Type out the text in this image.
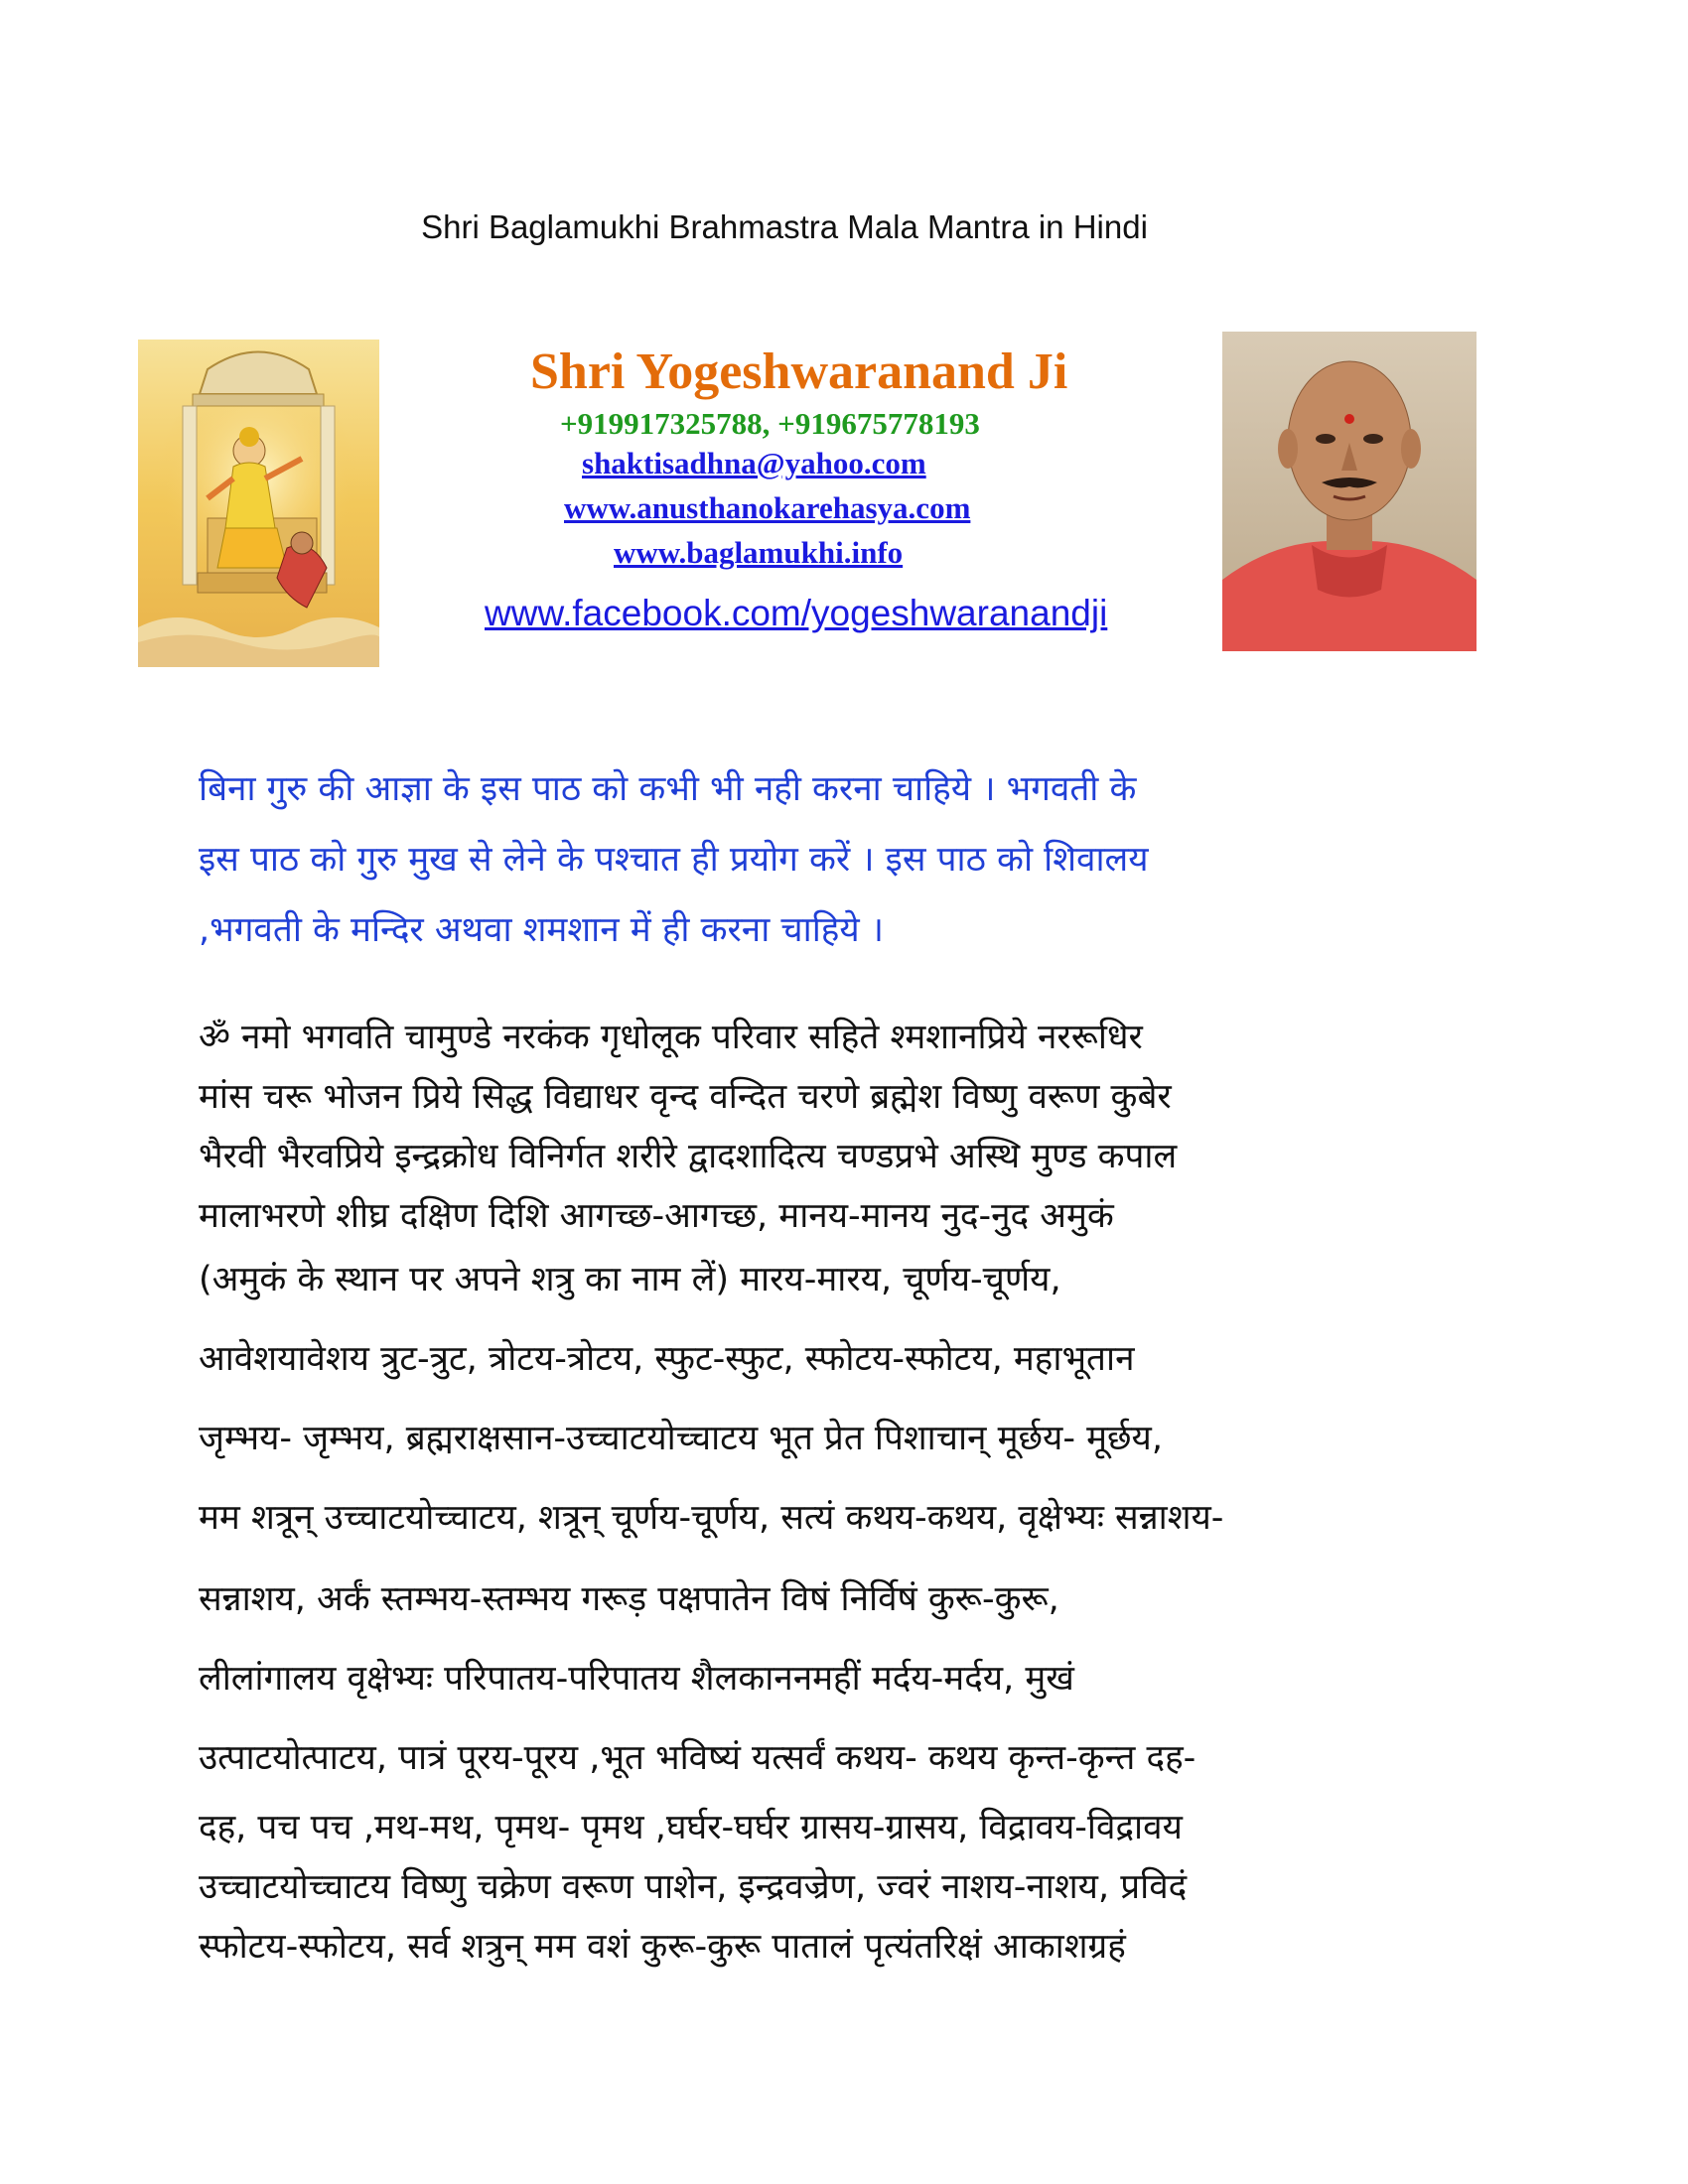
Shri Baglamukhi Brahmastra Mala Mantra in Hindi
Shri Yogeshwaranand Ji
+919917325788, +919675778193
shaktisadhna@yahoo.com
www.anusthanokarehasya.com
www.baglamukhi.info
www.facebook.com/yogeshwaranandji

बिना गुरु की आज्ञा के इस पाठ को कभी भी नही करना चाहिये । भगवती के

इस पाठ को गुरु मुख से लेने के पश्चात ही प्रयोग करें । इस पाठ को शिवालय

,भगवती के मन्दिर अथवा शमशान में ही करना चाहिये ।

ॐ नमो भगवति चामुण्डे नरकंक गृधोलूक परिवार सहिते श्मशानप्रिये नररूधिर

मांस चरू भोजन प्रिये सिद्ध विद्याधर वृन्द वन्दित चरणे ब्रह्मेश विष्णु वरूण कुबेर

भैरवी भैरवप्रिये इन्द्रक्रोध विनिर्गत शरीरे द्वादशादित्य चण्डप्रभे अस्थि मुण्ड कपाल

मालाभरणे शीघ्र दक्षिण दिशि आगच्छ-आगच्छ, मानय-मानय नुद-नुद अमुकं

(अमुकं के स्थान पर अपने शत्रु का नाम लें) मारय-मारय, चूर्णय-चूर्णय,

आवेशयावेशय त्रुट-त्रुट, त्रोटय-त्रोटय, स्फुट-स्फुट, स्फोटय-स्फोटय, महाभूतान

जृम्भय- जृम्भय, ब्रह्मराक्षसान-उच्चाटयोच्चाटय भूत प्रेत पिशाचान् मूर्छय- मूर्छय,

मम शत्रून् उच्चाटयोच्चाटय, शत्रून् चूर्णय-चूर्णय, सत्यं कथय-कथय, वृक्षेभ्यः सन्नाशय-

सन्नाशय, अर्कं स्तम्भय-स्तम्भय गरूड़ पक्षपातेन विषं निर्विषं कुरू-कुरू,

लीलांगालय वृक्षेभ्यः परिपातय-परिपातय शैलकाननमहीं मर्दय-मर्दय, मुखं

उत्पाटयोत्पाटय, पात्रं पूरय-पूरय ,भूत भविष्यं यत्सर्वं कथय- कथय कृन्त-कृन्त दह-

दह, पच पच ,मथ-मथ, पृमथ- पृमथ ,घर्घर-घर्घर ग्रासय-ग्रासय, विद्रावय-विद्रावय

उच्चाटयोच्चाटय विष्णु चक्रेण वरूण पाशेन, इन्द्रवज्रेण, ज्वरं नाशय-नाशय, प्रविदं

स्फोटय-स्फोटय, सर्व शत्रुन् मम वशं कुरू-कुरू पातालं पृत्यंतरिक्षं आकाशग्रहं
